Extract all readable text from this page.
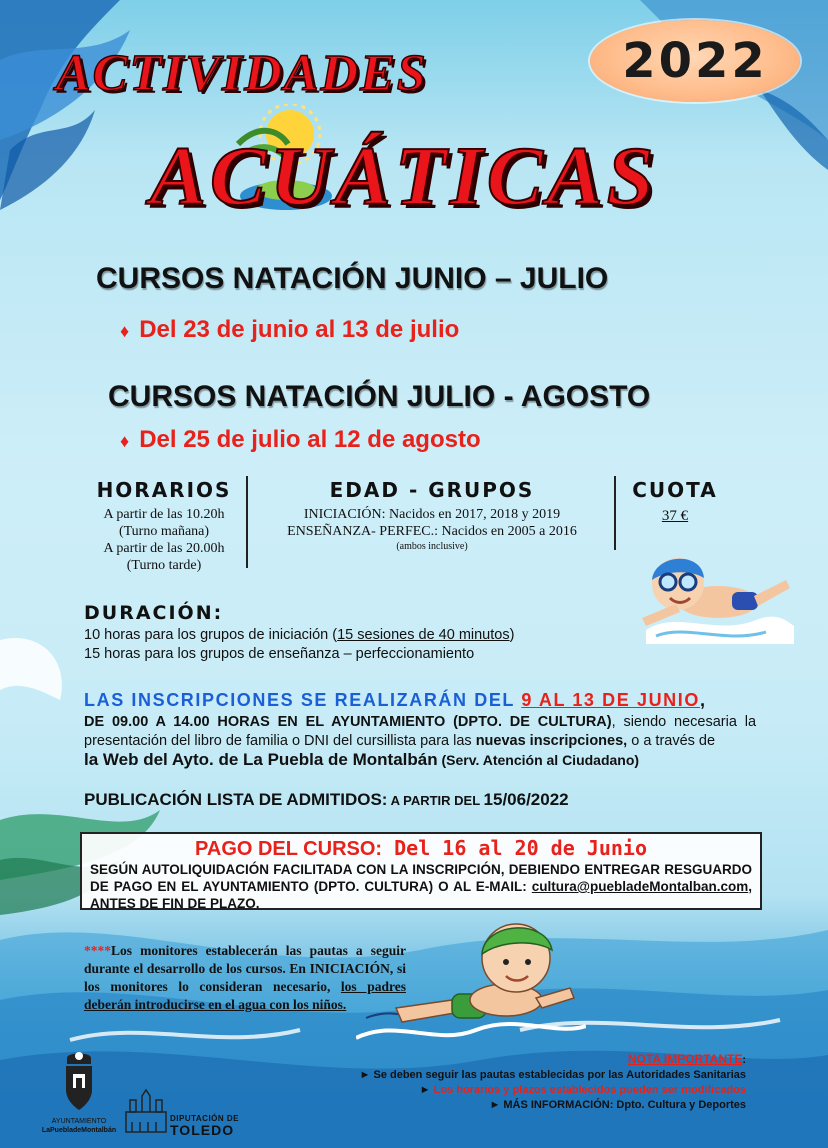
ACTIVIDADES
ACUÁTICAS
2022
CURSOS NATACIÓN JUNIO – JULIO
♦ Del 23 de junio al 13 de julio
CURSOS NATACIÓN JULIO - AGOSTO
♦ Del 25 de julio al 12 de agosto
HORARIOS
A partir de las 10.20h
(Turno mañana)
A partir de las 20.00h
(Turno tarde)
EDAD - GRUPOS
INICIACIÓN: Nacidos en 2017, 2018 y 2019
ENSEÑANZA- PERFEC.: Nacidos en 2005 a 2016
(ambos inclusive)
CUOTA
37 €
DURACIÓN:
10 horas para los grupos de iniciación (15 sesiones de 40 minutos)
15 horas para los grupos de enseñanza – perfeccionamiento
LAS INSCRIPCIONES SE REALIZARÁN DEL 9 AL 13 DE JUNIO,
DE 09.00 A 14.00 HORAS EN EL AYUNTAMIENTO (DPTO. DE CULTURA), siendo necesaria la presentación del libro de familia o DNI del cursillista para las nuevas inscripciones, o a través de
la Web del Ayto. de La Puebla de Montalbán (Serv. Atención al Ciudadano)
PUBLICACIÓN LISTA DE ADMITIDOS: A PARTIR DEL 15/06/2022
PAGO DEL CURSO: Del 16 al 20 de Junio
SEGÚN AUTOLIQUIDACIÓN FACILITADA CON LA INSCRIPCIÓN, DEBIENDO ENTREGAR RESGUARDO DE PAGO EN EL AYUNTAMIENTO (DPTO. CULTURA) O AL E-MAIL: cultura@puebladeМontalban.com, ANTES DE FIN DE PLAZO.
****Los monitores establecerán las pautas a seguir durante el desarrollo de los cursos. En INICIACIÓN, si los monitores lo consideran necesario, los padres deberán introducirse en el agua con los niños.
NOTA IMPORTANTE:
► Se deben seguir las pautas establecidas por las Autoridades Sanitarias
► Los horarios y plazos establecidos pueden ser modificados
► MÁS INFORMACIÓN: Dpto. Cultura y Deportes
AYUNTAMIENTO
LaPuebladeMontalbán
DIPUTACIÓN DE
TOLEDO
